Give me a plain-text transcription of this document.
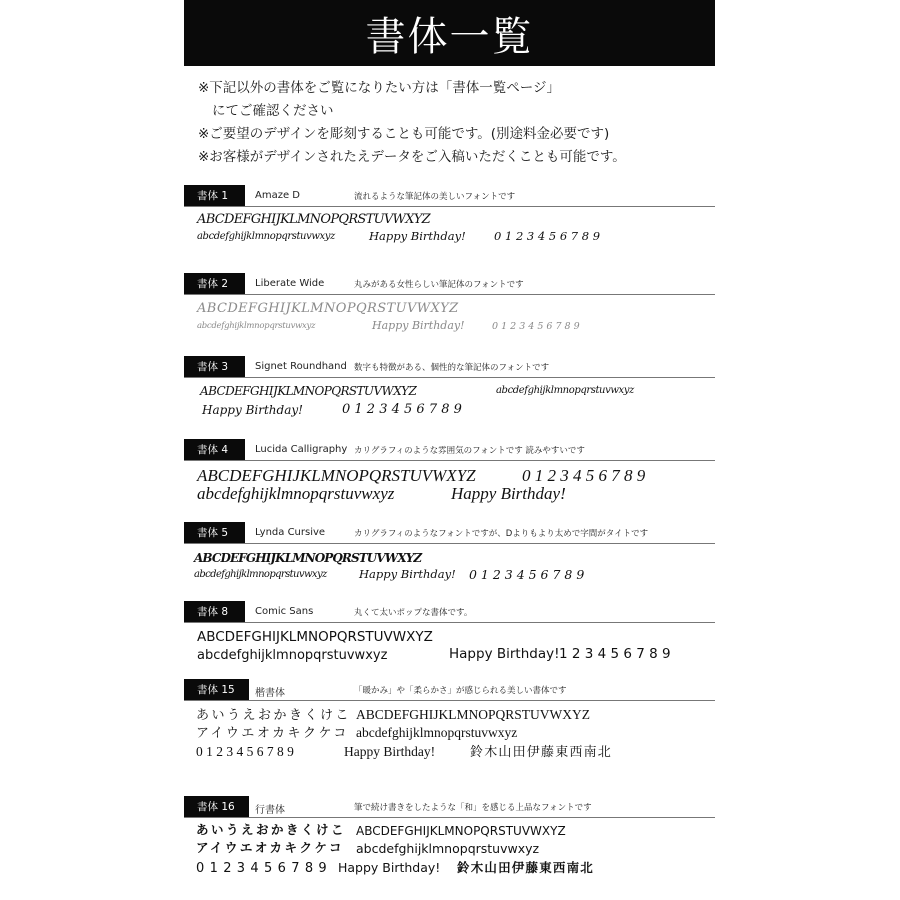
書体一覧
※下記以外の書体をご覧になりたい方は「書体一覧ページ」
にてご確認ください
※ご要望のデザインを彫刻することも可能です。(別途料金必要です)
※お客様がデザインされたえデータをご入稿いただくことも可能です。
書体 1	Amaze D	流れるような筆記体の美しいフォントです
ABCDEFGHIJKLMNOPQRSTUVWXYZ
abcdefghijklmnopqrstuvwxyz	Happy Birthday! 0 1 2 3 4 5 6 7 8 9
書体 2	Liberate Wide	丸みがある女性らしい筆記体のフォントです
ABCDEFGHIJKLMNOPQRSTUVWXYZ
abcdefghijklmnopqrstuvwxyz	Happy Birthday!	0 1 2 3 4 5 6 7 8 9
書体 3	Signet Roundhand 数字も特徴がある、個性的な筆記体のフォントです
ABCDEFGHIJKLMNOPQRSTUVWXYZ	abcdefghijklmnopqrstuvwxyz
Happy Birthday!	0 1 2 3 4 5 6 7 8 9
書体 4	Lucida Calligraphy カリグラフィのような雰囲気のフォントです 読みやすいです
ABCDEFGHIJKLMNOPQRSTUVWXYZ	0 1 2 3 4 5 6 7 8 9
abcdefghijklmnopqrstuvwxyz	Happy Birthday!
書体 5	Lynda Cursive	カリグラフィのようなフォントですが、Dよりもより太めで字間がタイトです
ABCDEFGHIJKLMNOPQRSTUVWXYZ
abcdefghijklmnopqrstuvwxyz	Happy Birthday! 0 1 2 3 4 5 6 7 8 9
書体 8	Comic Sans	丸くて太いポップな書体です。
ABCDEFGHIJKLMNOPQRSTUVWXYZ
abcdefghijklmnopqrstuvwxyz	Happy Birthday! 1 2 3 4 5 6 7 8 9
書体 15	楷書体	「暖かみ」や「柔らかさ」が感じられる美しい書体です
あいうえおかきくけこ ABCDEFGHIJKLMNOPQRSTUVWXYZ
アイウエオカキクケコ abcdefghijklmnopqrstuvwxyz
0 1 2 3 4 5 6 7 8 9	Happy Birthday!	鈴木山田伊藤東西南北
書体 16	行書体	筆で続け書きをしたような「和」を感じる上品なフォントです
あいうえおかきくけこ ABCDEFGHIJKLMNOPQRSTUVWXYZ
アイウエオカキクケコ abcdefghijklmnopqrstuvwxyz
0 1 2 3 4 5 6 7 8 9 Happy Birthday! 鈴木山田伊藤東西南北
